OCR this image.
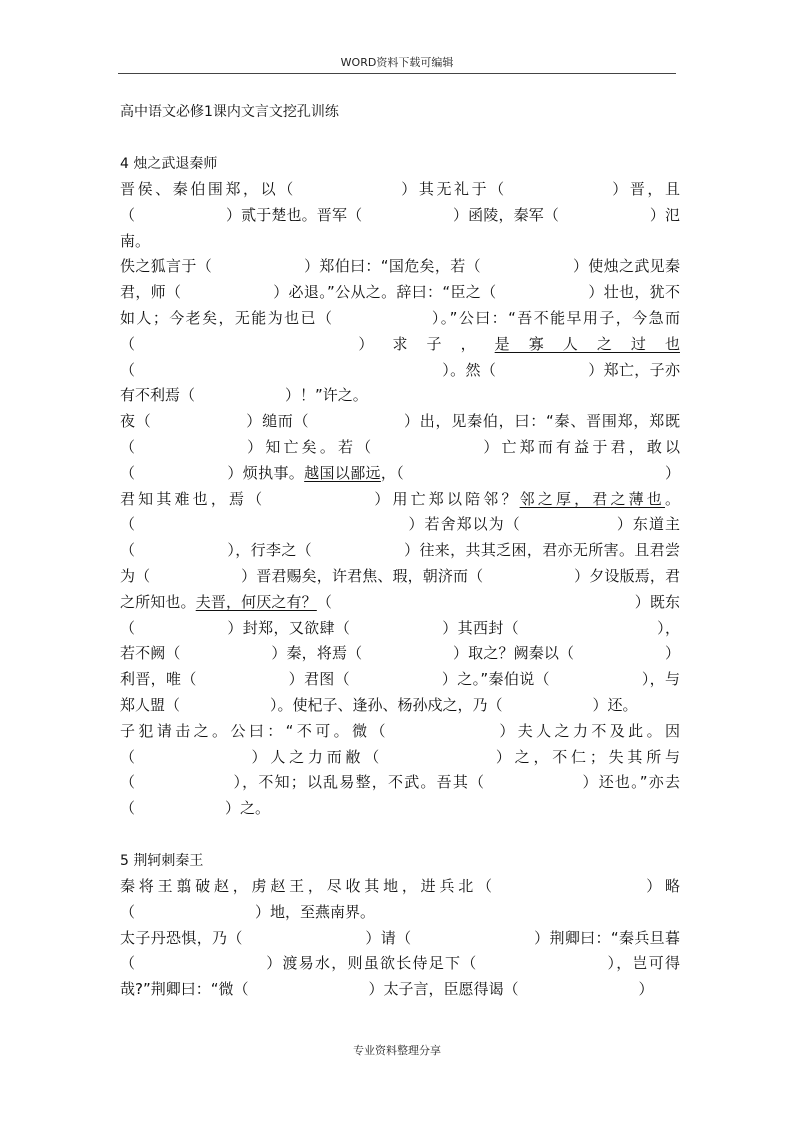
WORD资料下载可编辑
高中语文必修1课内文言文挖孔训练
4 烛之武退秦师
晋侯、秦伯围郑，以（　　　　　　）其无礼于（　　　　　　）晋，且（　　　　　　）贰于楚也。晋军（　　　　　　）函陵，秦军（　　　　　　）氾南。
佚之狐言于（　　　　　　）郑伯曰：“国危矣，若（　　　　　　）使烛之武见秦君，师（　　　　　　）必退。”公从之。辞曰：“臣之（　　　　　　）壮也，犹不如人；今老矣，无能为也已（　　　　　　）。”公曰：“吾不能早用子，今急而（　　　　　　）求子，是寡人之过也（　　　　　　　　　　　　　　　　　　　　）。然（　　　　　　）郑亡，子亦有不利焉（　　　　　　）！”许之。
夜（　　　　　　）缒而（　　　　　　）出，见秦伯，曰：“秦、晋围郑，郑既（　　　　　　）知亡矣。若（　　　　　　）亡郑而有益于君，敢以（　　　　　　）烦执事。越国以鄙远，（　　　　　　　　　　　　　　　　　）君知其难也，焉（　　　　　　）用亡郑以陪邻？邻之厚，君之薄也。（　　　　　　　　　　　　　　　　　）若舍郑以为（　　　　　　）东道主（　　　　　　），行李之（　　　　　　）往来，共其乏困，君亦无所害。且君尝为（　　　　　　）晋君赐矣，许君焦、瑕，朝济而（　　　　　　）夕设版焉，君之所知也。夫晋，何厌之有？（　　　　　　　　　　　　　　　　　　　　）既东（　　　　　　）封郑，又欲肆（　　　　　　）其西封（　　　　　　　　　），若不阙（　　　　　　）秦，将焉（　　　　　　）取之？阙秦以（　　　　　　）利晋，唯（　　　　　　）君图（　　　　　　）之。”秦伯说（　　　　　　），与郑人盟（　　　　　　）。使杞子、逢孙、杨孙戍之，乃（　　　　　　）还。
子犯请击之。公曰：“不可。微（　　　　　　）夫人之力不及此。因（　　　　　　）人之力而敝（　　　　　　）之，不仁；失其所与（　　　　　　），不知；以乱易整，不武。吾其（　　　　　　）还也。”亦去（　　　　　　）之。
5 荆轲刺秦王
秦将王翦破赵，虏赵王，尽收其地，进兵北（　　　　　　　　）略（　　　　　　　　）地，至燕南界。
太子丹恐惧，乃（　　　　　　　　）请（　　　　　　　　）荆卿曰：“秦兵旦暮（　　　　　　　　）渡易水，则虽欲长侍足下（　　　　　　　　），岂可得哉?”荆卿曰：“微（　　　　　　　　）太子言，臣愿得谒（　　　　　　　　）
专业资料整理分享
